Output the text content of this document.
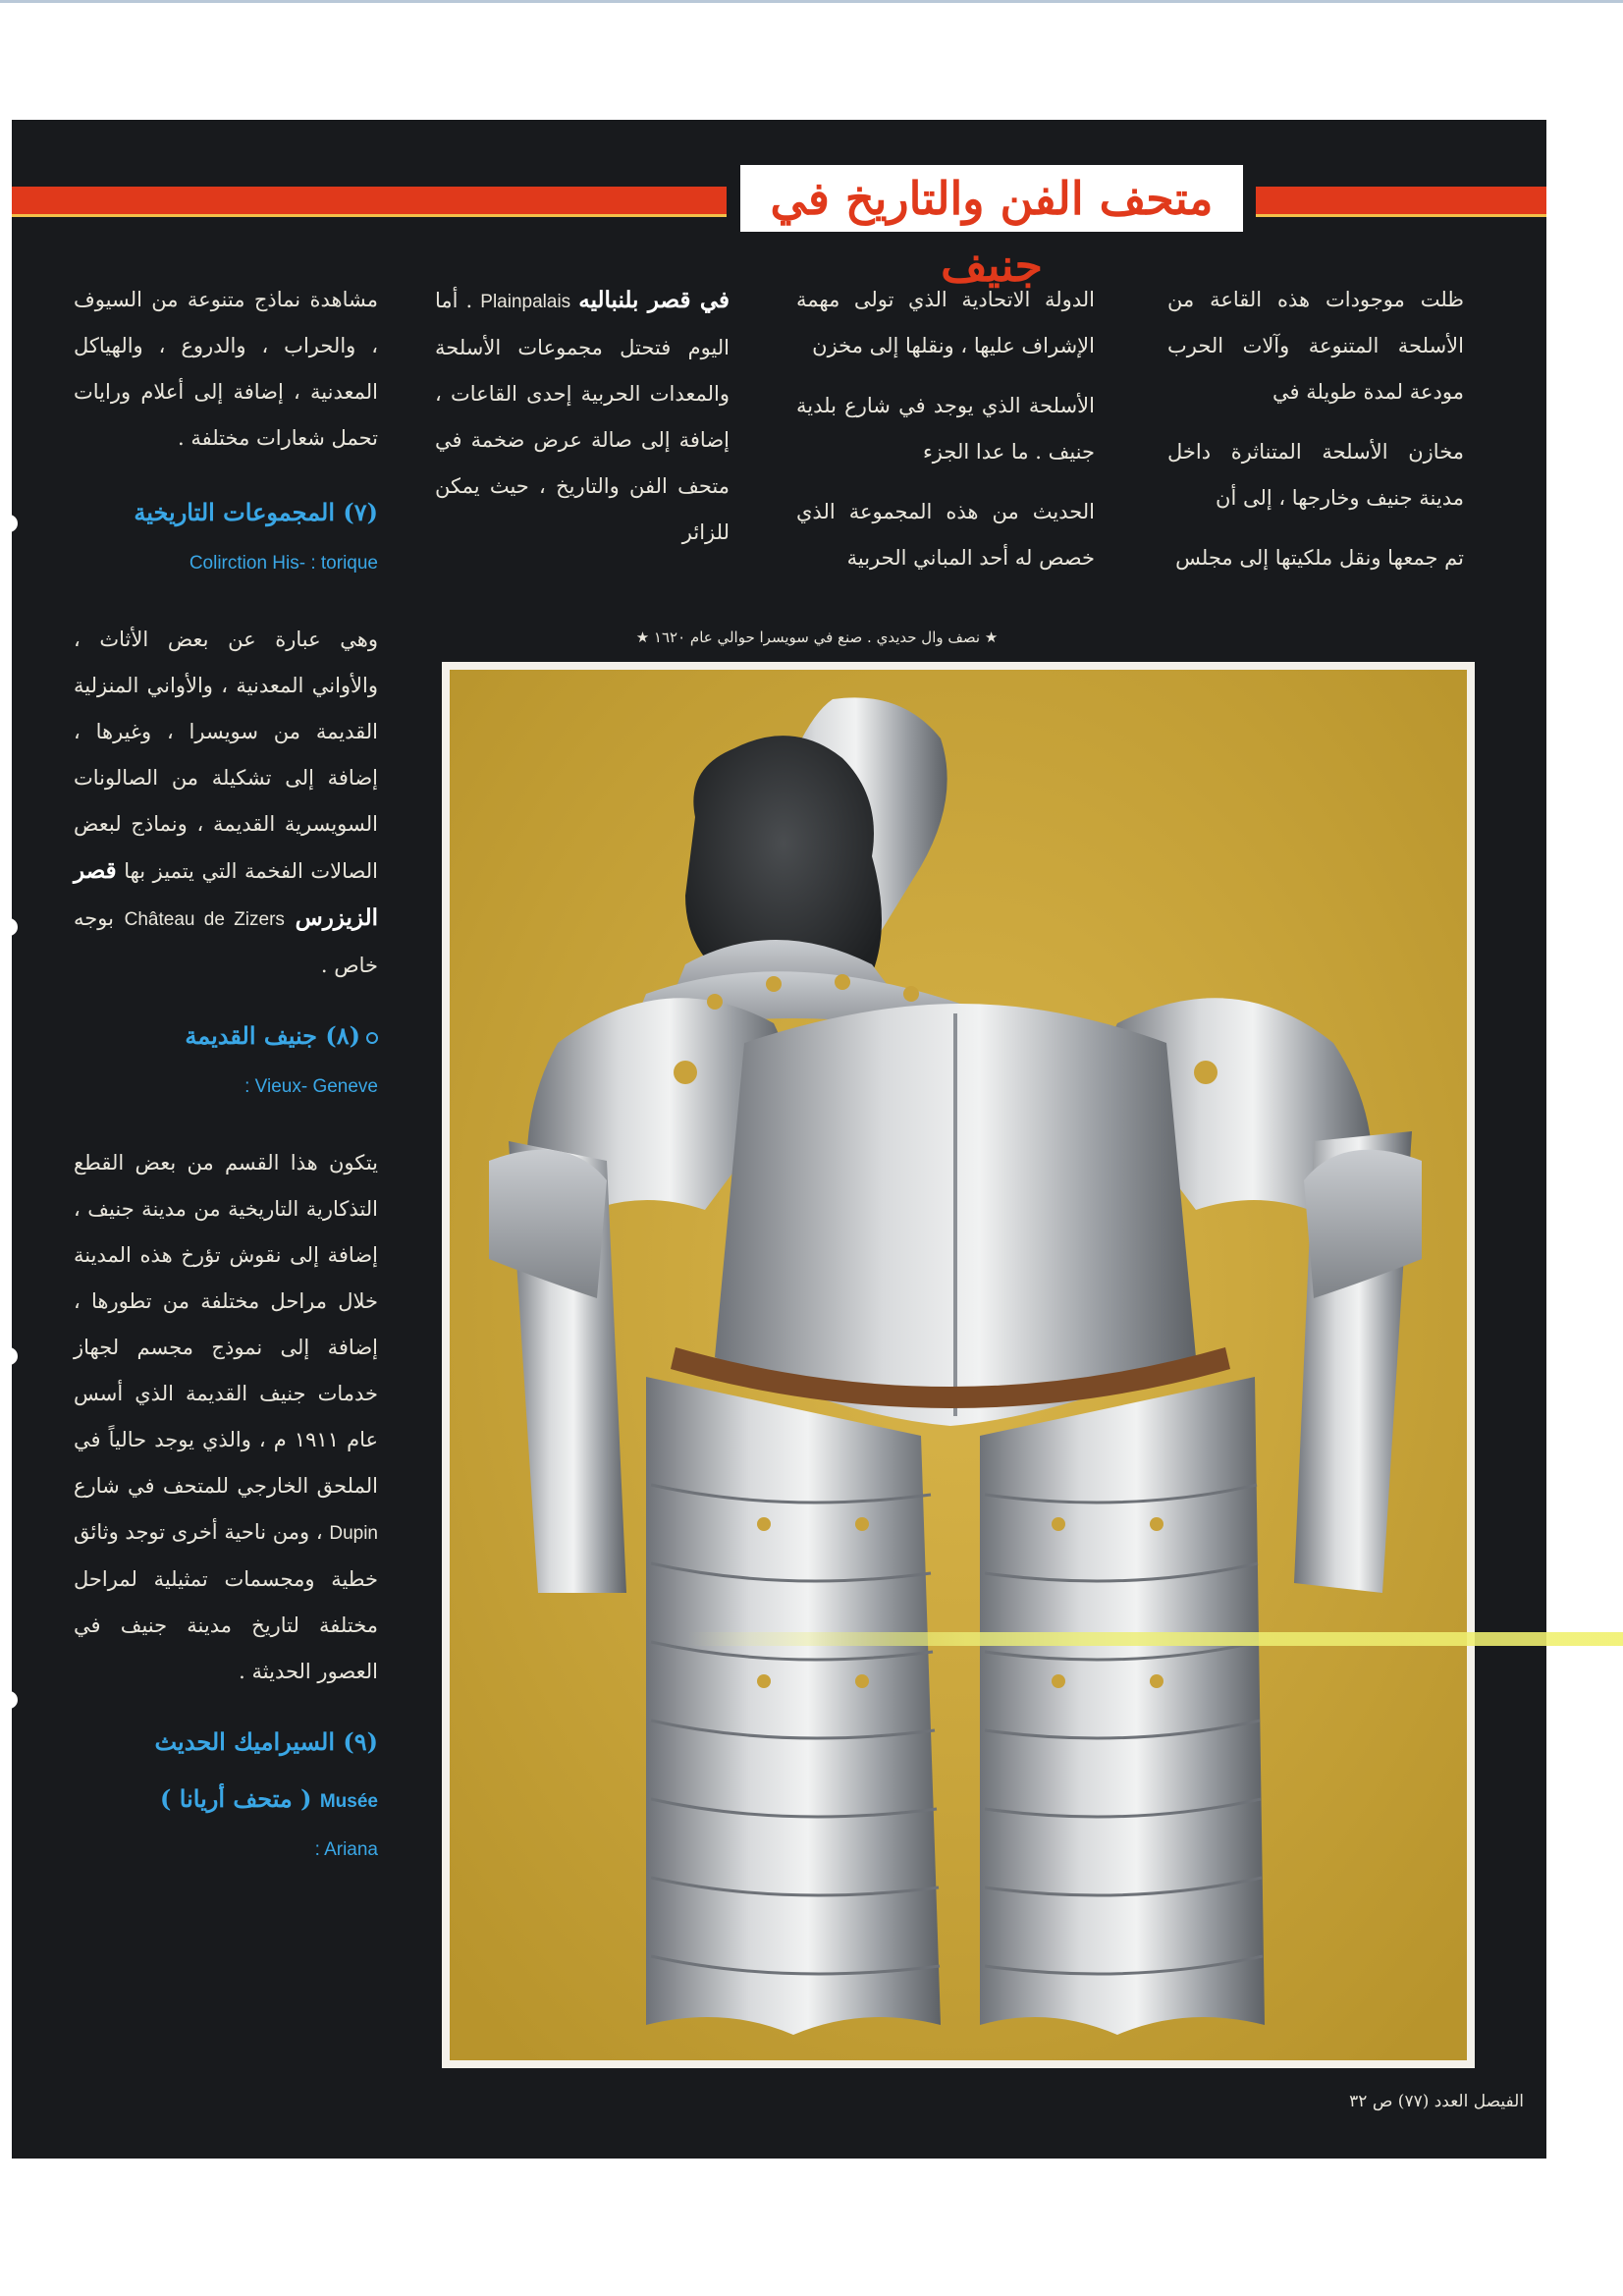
متحف الفن والتاريخ في جنيف

ظلت موجودات هذه القاعة من الأسلحة المتنوعة وآلات الحرب مودعة لمدة طويلة في

مخازن الأسلحة المتناثرة داخل مدينة جنيف وخارجها ، إلى أن

تم جمعها ونقل ملكيتها إلى مجلس

الدولة الاتحادية الذي تولى مهمة الإشراف عليها ، ونقلها إلى مخزن

الأسلحة الذي يوجد في شارع بلدية جنيف . ما عدا الجزء

الحديث من هذه المجموعة الذي خصص له أحد المباني الحربية

في قصر بلنباليه Plainpalais . أما اليوم فتحتل مجموعات الأسلحة والمعدات الحربية إحدى القاعات ، إضافة إلى صالة عرض ضخمة في متحف الفن والتاريخ ، حيث يمكن للزائر

مشاهدة نماذج متنوعة من السيوف ، والحراب ، والدروع ، والهياكل المعدنية ، إضافة إلى أعلام ورايات تحمل شعارات مختلفة .

(٧) المجموعات التاريخية

Colirction His- : torique

وهي عبارة عن بعض الأثاث ، والأواني المعدنية ، والأواني المنزلية القديمة من سويسرا ، وغيرها ، إضافة إلى تشكيلة من الصالونات السويسرية القديمة ، ونماذج لبعض الصالات الفخمة التي يتميز بها قصر الزيزرس Château de Zizers بوجه خاص .

(٨) جنيف القديمة

: Vieux- Geneve

يتكون هذا القسم من بعض القطع التذكارية التاريخية من مدينة جنيف ، إضافة إلى نقوش تؤرخ هذه المدينة خلال مراحل مختلفة من تطورها ، إضافة إلى نموذج مجسم لجهاز خدمات جنيف القديمة الذي أسس عام ١٩١١ م ، والذي يوجد حالياً في الملحق الخارجي للمتحف في شارع Dupin ، ومن ناحية أخرى توجد وثائق خطية ومجسمات تمثيلية لمراحل مختلفة لتاريخ مدينة جنيف في العصور الحديثة .

(٩) السيراميك الحديث

Musée ( متحف أريانا )

: Ariana

★ نصف وال حديدي . صنع في سويسرا حوالي عام ١٦٢٠ ★
الفيصل العدد (٧٧) ص ٣٢
